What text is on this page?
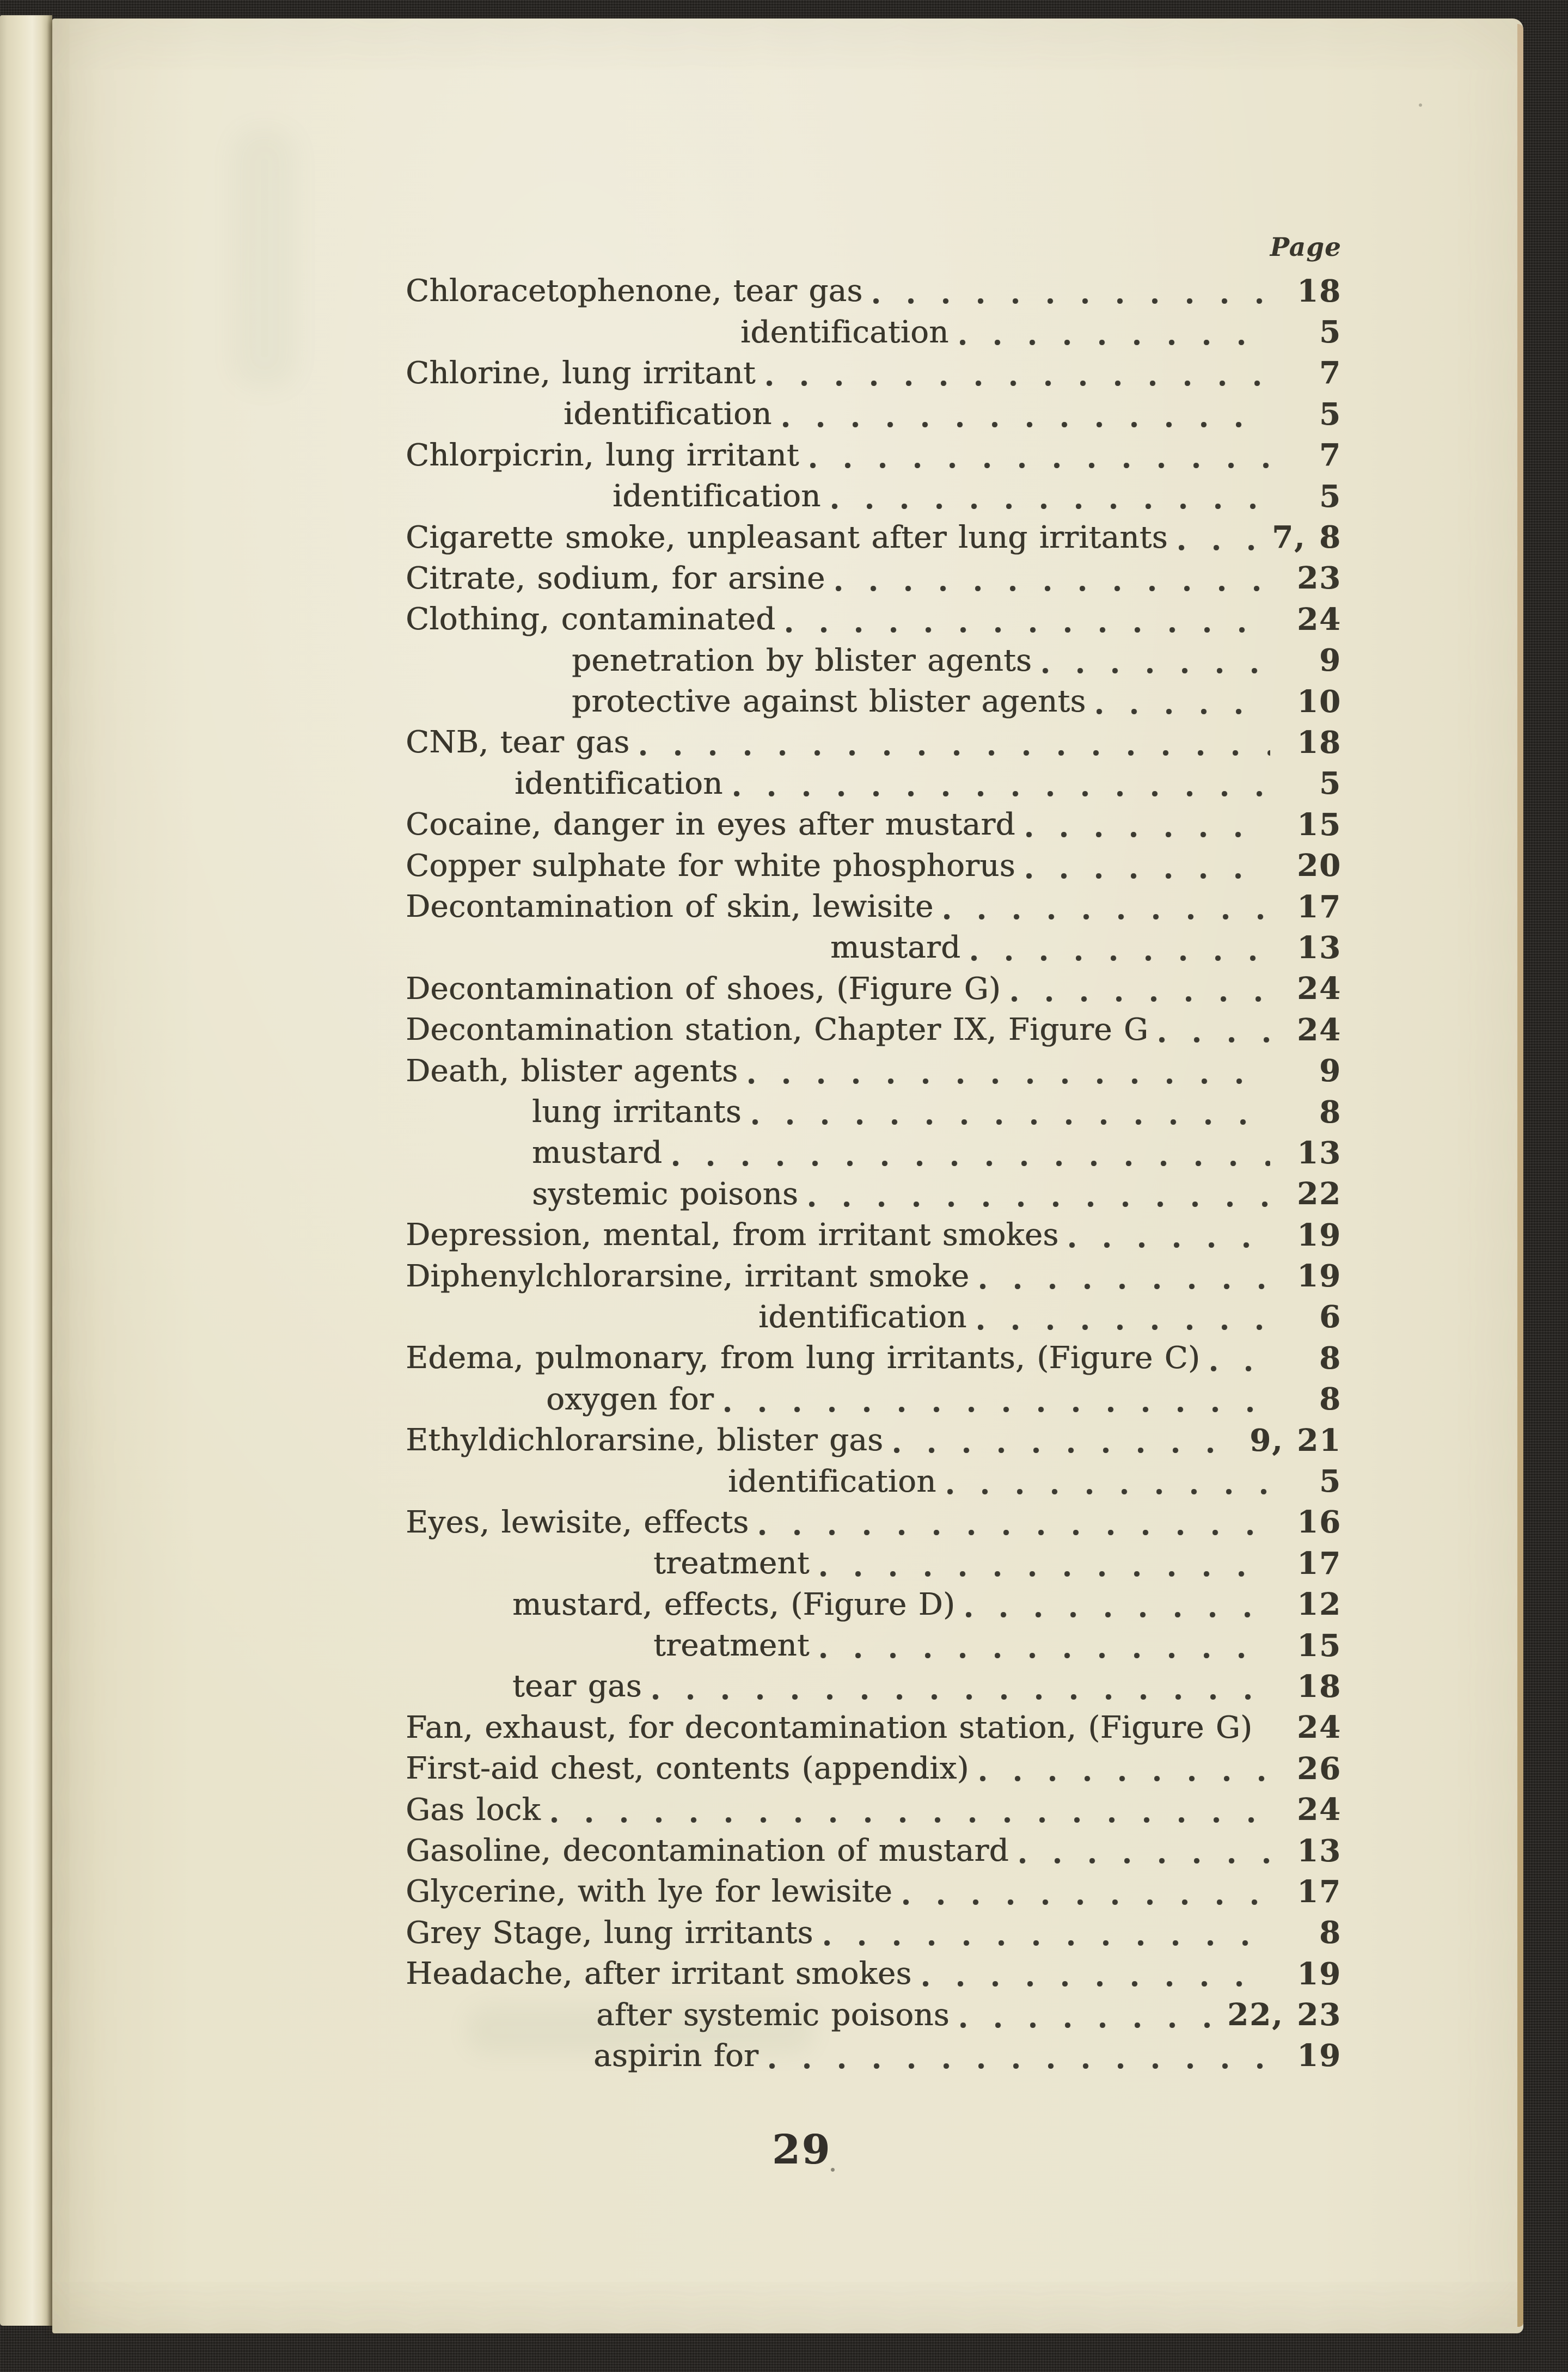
Page
Chloracetophenone, tear gas	18
identification	5
Chlorine, lung irritant	7
identification	5
Chlorpicrin, lung irritant	7
identification	5
Cigarette smoke, unpleasant after lung irritants	7, 8
Citrate, sodium, for arsine	23
Clothing, contaminated	24
penetration by blister agents	9
protective against blister agents	10
CNB, tear gas	18
identification	5
Cocaine, danger in eyes after mustard	15
Copper sulphate for white phosphorus	20
Decontamination of skin, lewisite	17
mustard	13
Decontamination of shoes, (Figure G)	24
Decontamination station, Chapter IX, Figure G	24
Death, blister agents	9
lung irritants	8
mustard	13
systemic poisons	22
Depression, mental, from irritant smokes	19
Diphenylchlorarsine, irritant smoke	19
identification	6
Edema, pulmonary, from lung irritants, (Figure C)	8
oxygen for	8
Ethyldichlorarsine, blister gas	9, 21
identification	5
Eyes, lewisite, effects	16
treatment	17
mustard, effects, (Figure D)	12
treatment	15
tear gas	18
Fan, exhaust, for decontamination station, (Figure G)	24
First-aid chest, contents (appendix)	26
Gas lock	24
Gasoline, decontamination of mustard	13
Glycerine, with lye for lewisite	17
Grey Stage, lung irritants	8
Headache, after irritant smokes	19
after systemic poisons	22, 23
aspirin for	19
29
